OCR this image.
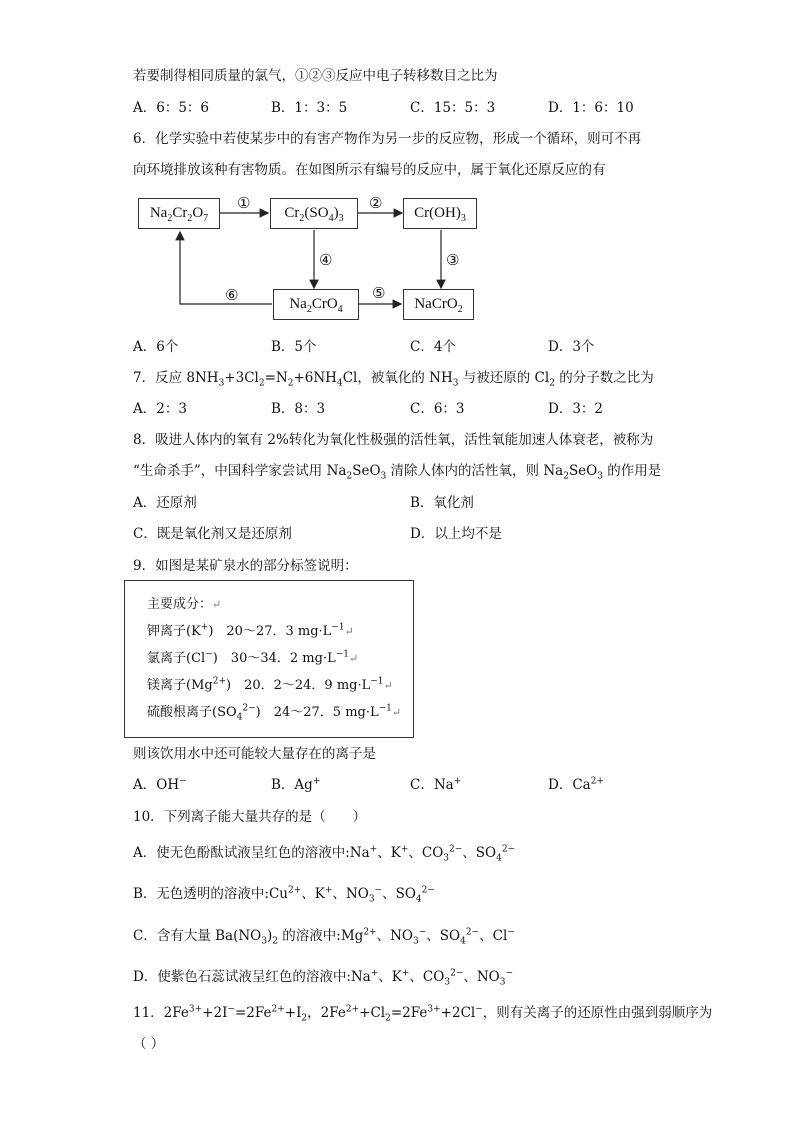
若要制得相同质量的氯气，①②③反应中电子转移数目之比为
A．6：5：6	B．1：3：5	C．15：5：3	D．1：6：10
6．化学实验中若使某步中的有害产物作为另一步的反应物，形成一个循环，则可不再
向环境排放该种有害物质。在如图所示有编号的反应中，属于氧化还原反应的有
$Na_2Cr_2O_7$	$Cr_2(SO_4)_3$	$Cr(OH)_3$
$Na_2CrO_4$	NaCrO$_2$
①	②
③
④
⑤
⑥
A．6个	B．5个	C．4个	D．3个
7．反应 $8NH_3+3Cl_2=N_2+6NH_4Cl$，被氧化的 $NH_3$ 与被还原的 $Cl_2$ 的分子数之比为
A．2：3	B．8：3	C．6：3	D．3：2
8．吸进人体内的氧有 2%转化为氧化性极强的活性氧，活性氧能加速人体衰老，被称为
“生命杀手”，中国科学家尝试用 $Na_2SeO_3$ 清除人体内的活性氧，则 $Na_2SeO_3$ 的作用是
A．还原剂	B．氧化剂
C．既是氧化剂又是还原剂	D．以上均不是
9．如图是某矿泉水的部分标签说明：
主要成分：↵
钾离子(K+)　20～27．3 $mg\cdot L^{-1}↵$
氯离子(Cl−)　30～34．2 $mg\cdot L^{-1}↵$
镁离子$(Mg^{2+})$　20．2～24．9 $mg\cdot L^{-1}↵$
硫酸根离子$(SO_4^{2-})$　24～27．5 $mg\cdot L^{-1}↵$
则该饮用水中还可能较大量存在的离子是
A．OH−	B．Ag+	C．Na+	D．$Ca^{2+}$
10．下列离子能大量共存的是（　　）
A．使无色酚酞试液呈红色的溶液中:Na+、K+、$CO_3^{2-}$、$SO_4^{2-}$
B．无色透明的溶液中$:Cu^{2+}$、K+、$NO_3^-$、$SO_4^{2-}$
C．含有大量 $Ba(NO_3)_2$ 的溶液中$:Mg^{2+}$、$NO_3^-$、$SO_4^{2-}$、Cl−
D．使紫色石蕊试液呈红色的溶液中:Na+、K+、$CO_3^{2-}$、$NO_3^-$
11．$2Fe^{3+}+2I^-=2Fe^{2+}+I_2$，$2Fe^{2+}+Cl_2=2Fe^{3+}+2Cl^-$，则有关离子的还原性由强到弱顺序为
（ ）
